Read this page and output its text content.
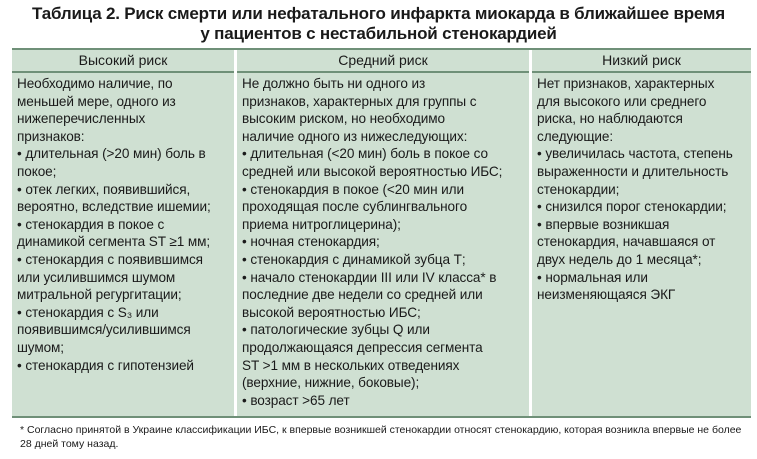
Таблица 2. Риск смерти или нефатального инфаркта миокарда в ближайшее время
у пациентов с нестабильной стенокардией
Высокий риск
Необходимо наличие, по
меньшей мере, одного из
нижеперечисленных
признаков:
• длительная (>20 мин) боль в
покое;
• отек легких, появившийся,
вероятно, вследствие ишемии;
• стенокардия в покое с
динамикой сегмента ST ≥1 мм;
• стенокардия с появившимся
или усилившимся шумом
митральной регургитации;
• стенокардия с S₃ или
появившимся/усилившимся
шумом;
• стенокардия с гипотензией
Средний риск
Не должно быть ни одного из
признаков, характерных для группы с
высоким риском, но необходимо
наличие одного из нижеследующих:
• длительная (<20 мин) боль в покое со
средней или высокой вероятностью ИБС;
• стенокардия в покое (<20 мин или
проходящая после сублингвального
приема нитроглицерина);
• ночная стенокардия;
• стенокардия с динамикой зубца Т;
• начало стенокардии III или IV класса* в
последние две недели со средней или
высокой вероятностью ИБС;
• патологические зубцы Q или
продолжающаяся депрессия сегмента
ST >1 мм в нескольких отведениях
(верхние, нижние, боковые);
• возраст >65 лет
Низкий риск
Нет признаков, характерных
для высокого или среднего
риска, но наблюдаются
следующие:
• увеличилась частота, степень
выраженности и длительность
стенокардии;
• снизился порог стенокардии;
• впервые возникшая
стенокардия, начавшаяся от
двух недель до 1 месяца*;
• нормальная или
неизменяющаяся ЭКГ
* Согласно принятой в Украине классификации ИБС, к впервые возникшей стенокардии относят стенокардию, которая возникла впервые не более
28 дней тому назад.
